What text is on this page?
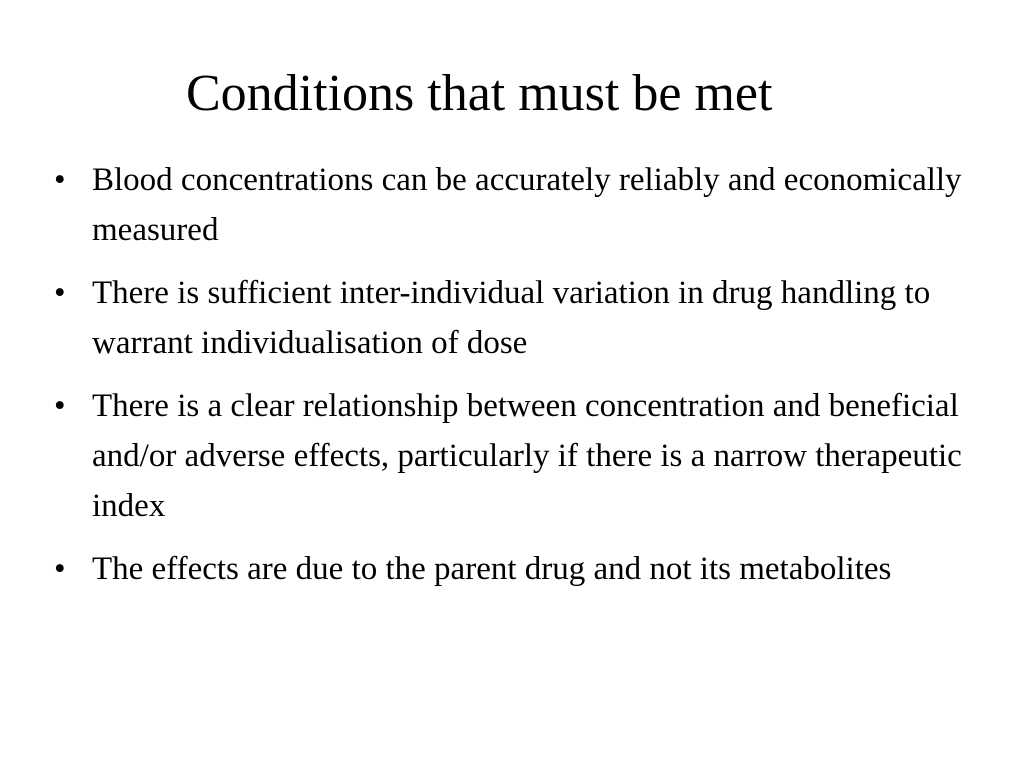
Conditions that must be met
• Blood concentrations can be accurately reliably and economically measured
• There is sufficient inter-individual variation in drug handling to warrant individualisation of dose
• There is a clear relationship between concentration and beneficial and/or adverse effects, particularly if there is a narrow therapeutic index
• The effects are due to the parent drug and not its metabolites
